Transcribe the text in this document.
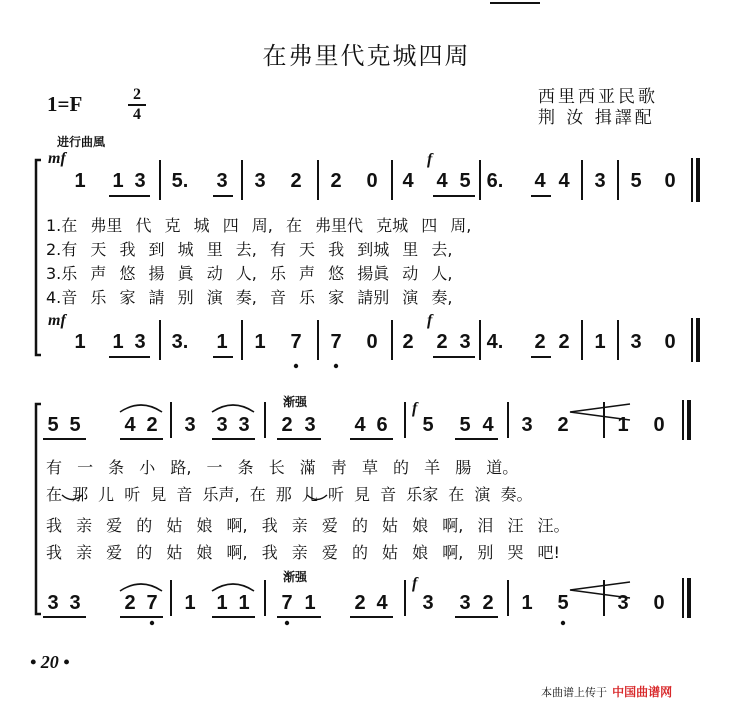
在弗里代克城四周
西里西亚民歌
荆 汝 揖譯配
1=F	2
4
进行曲風
mf	f
mf	f
f
f
渐强
渐强
1 1 3 5. 3 3 2 2 0 4 4 5 6. 4 4 3 5 0
1.在 弗里 代 克 城 四 周, 在 弗里代 克城 四 周,
2.有 天 我 到 城 里 去, 有 天 我 到城 里 去,
3.乐 声 悠 揚 眞 动 人, 乐 声 悠 揚眞 动 人,
4.音 乐 家 請 别 演 奏, 音 乐 家 請别 演 奏,
1 1 3 3. 1 1 7 7 0 2 2 3 4. 2 2 1 3 0
5 5 4 2 3 3 3 2 3 4 6 5 5 4 3 2 1 0
有 一 条 小 路, 一 条 长 滿 靑 草 的 羊 腸 道。
在 那 儿 听 見 音 乐声, 在 那 儿 听 見 音 乐家 在 演 奏。
我 亲 爱 的 姑 娘 啊, 我 亲 爱 的 姑 娘 啊, 泪 汪 汪。
我 亲 爱 的 姑 娘 啊, 我 亲 爱 的 姑 娘 啊, 别 哭 吧!
3 3 2 7 1 1 1 7 1 2 4 3 3 2 1 5 3 0
• 20 •
本曲谱上传于 中国曲谱网
